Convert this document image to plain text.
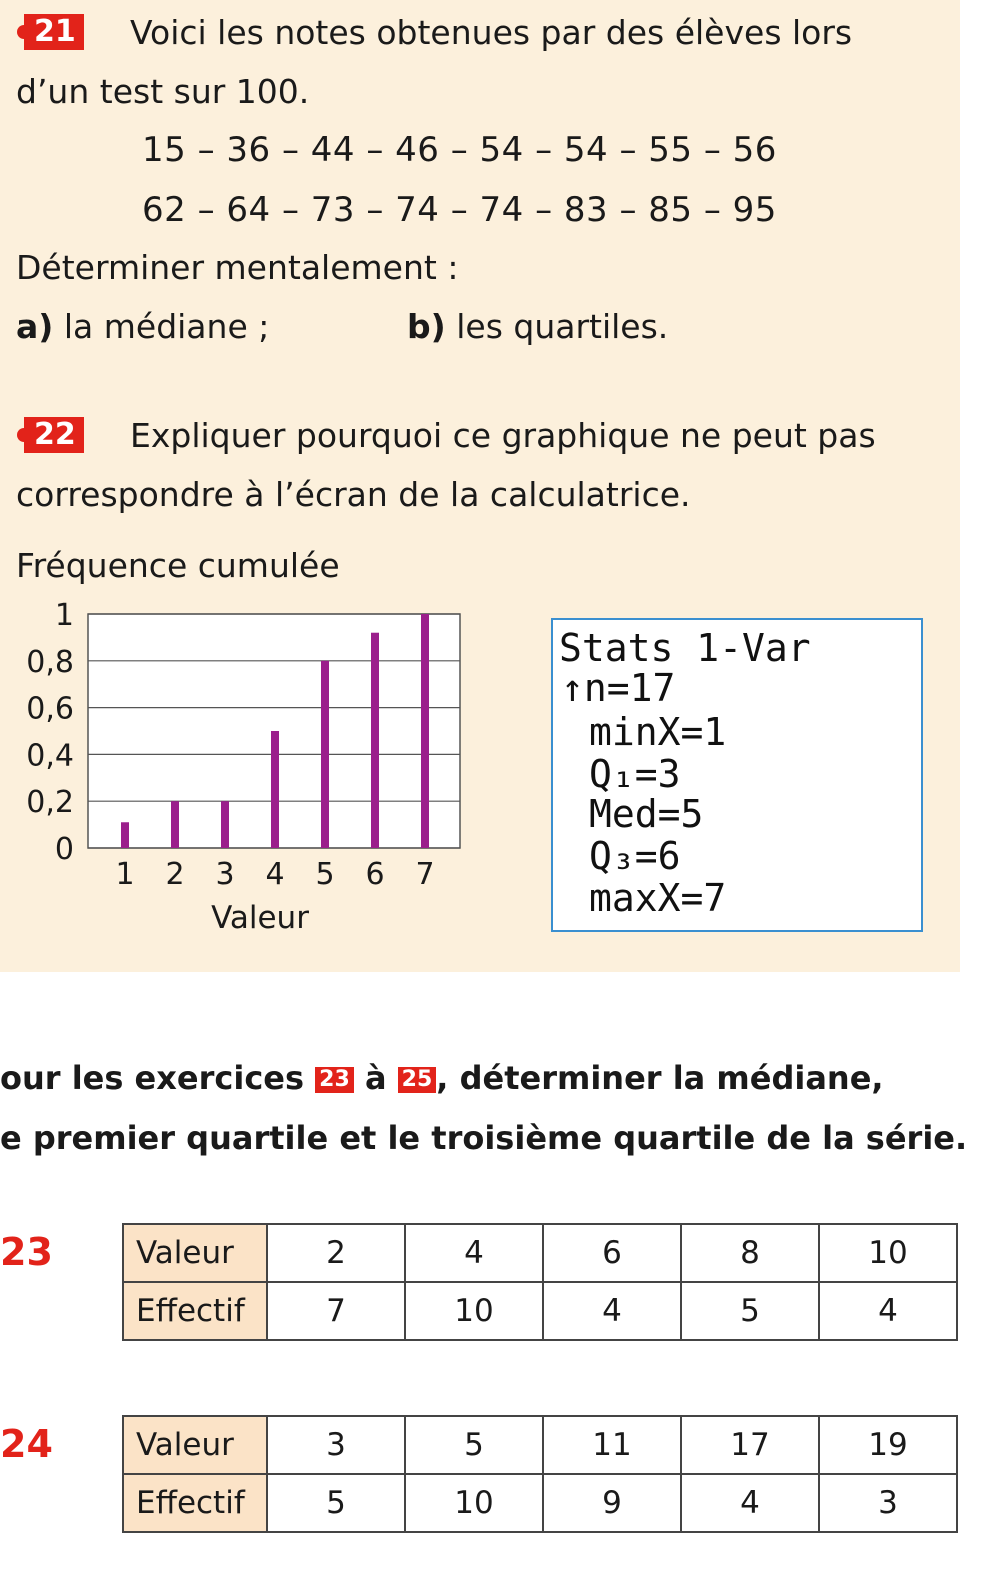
21 Voici les notes obtenues par des élèves lors
d’un test sur 100.
15 – 36 – 44 – 46 – 54 – 54 – 55 – 56
62 – 64 – 73 – 74 – 74 – 83 – 85 – 95
Déterminer mentalement :
a) la médiane ;	b) les quartiles.
22 Expliquer pourquoi ce graphique ne peut pas
correspondre à l’écran de la calculatrice.
Fréquence cumulée
0
0,2
0,4
0,6
0,8
1
1 2 3 4 5 6 7
Valeur
Stats 1-Var
↑n=17
minX=1
Q₁=3
Med=5
Q₃=6
maxX=7
our les exercices 23 à 25 , déterminer la médiane,
e premier quartile et le troisième quartile de la série.
23	Valeur	2	4	6	8	10
Effectif	7	10	4	5	4
24	Valeur	3	5	11	17	19
Effectif	5	10	9	4	3
